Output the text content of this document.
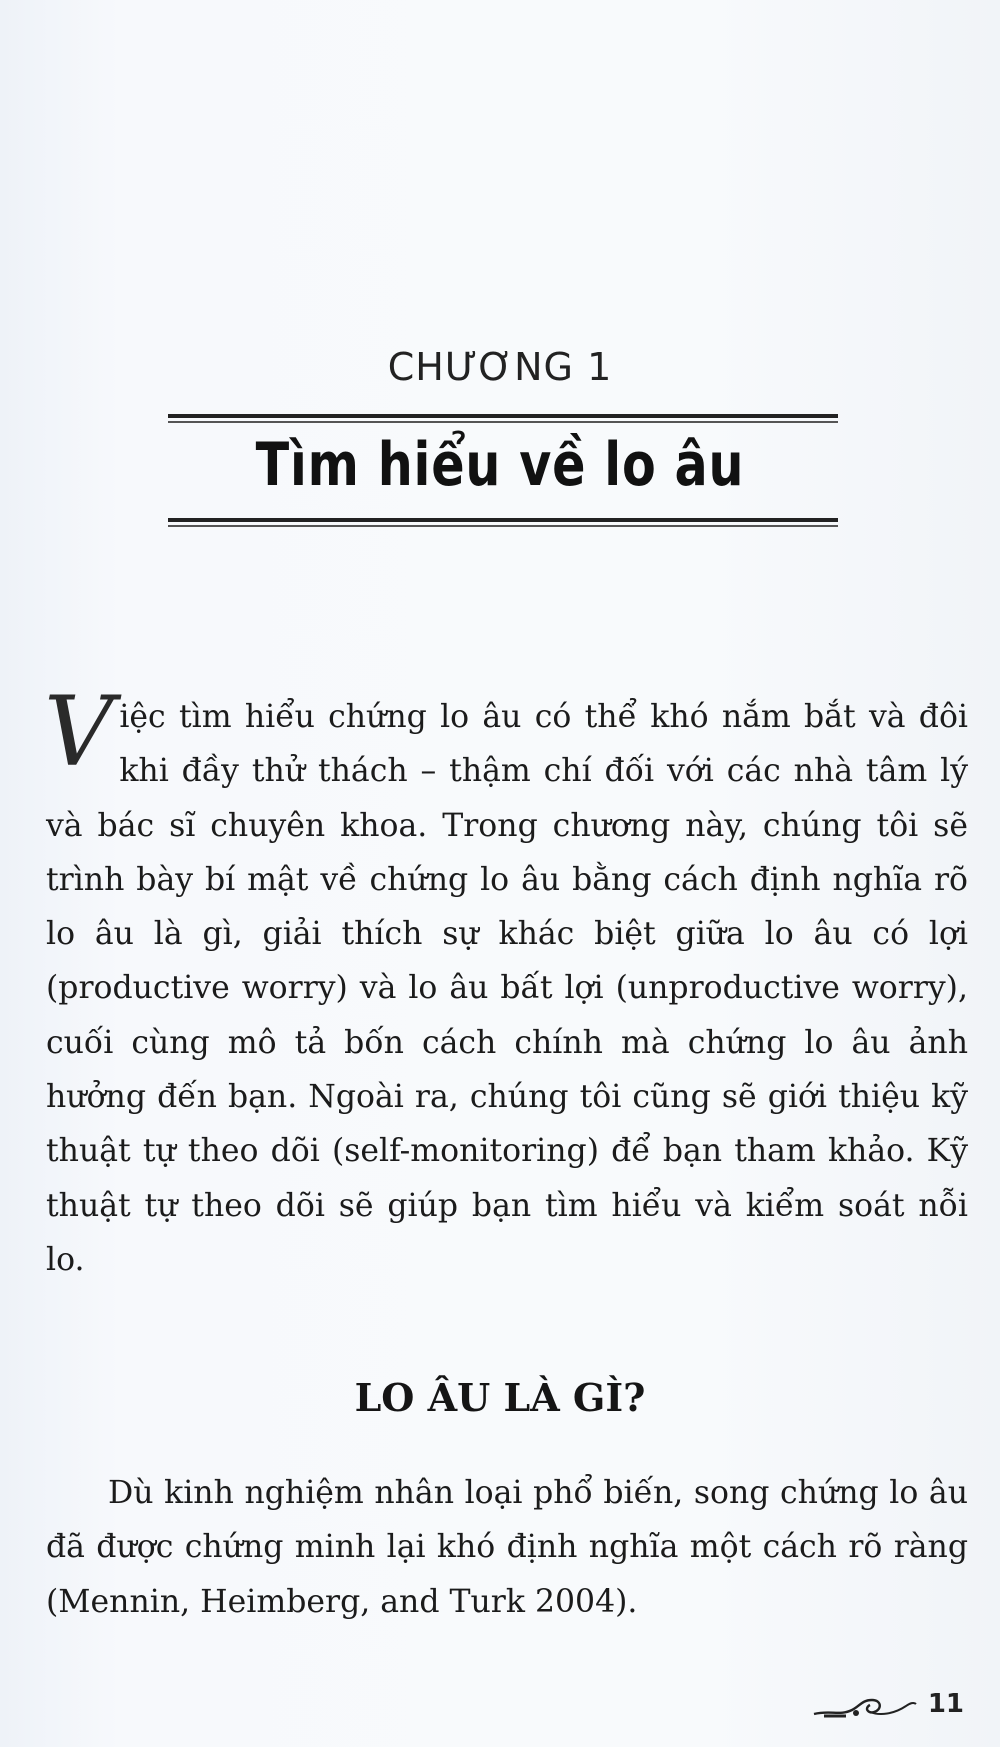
CHƯƠNG 1
Tìm hiểu về lo âu
Việc tìm hiểu chứng lo âu có thể khó nắm bắt và đôi khi đầy thử thách – thậm chí đối với các nhà tâm lý và bác sĩ chuyên khoa. Trong chương này, chúng tôi sẽ trình bày bí mật về chứng lo âu bằng cách định nghĩa rõ lo âu là gì, giải thích sự khác biệt giữa lo âu có lợi (productive worry) và lo âu bất lợi (unproductive worry), cuối cùng mô tả bốn cách chính mà chứng lo âu ảnh hưởng đến bạn. Ngoài ra, chúng tôi cũng sẽ giới thiệu kỹ thuật tự theo dõi (self-monitoring) để bạn tham khảo. Kỹ thuật tự theo dõi sẽ giúp bạn tìm hiểu và kiểm soát nỗi lo.
LO ÂU LÀ GÌ?
Dù kinh nghiệm nhân loại phổ biến, song chứng lo âu đã được chứng minh lại khó định nghĩa một cách rõ ràng (Mennin, Heimberg, and Turk 2004).
11
